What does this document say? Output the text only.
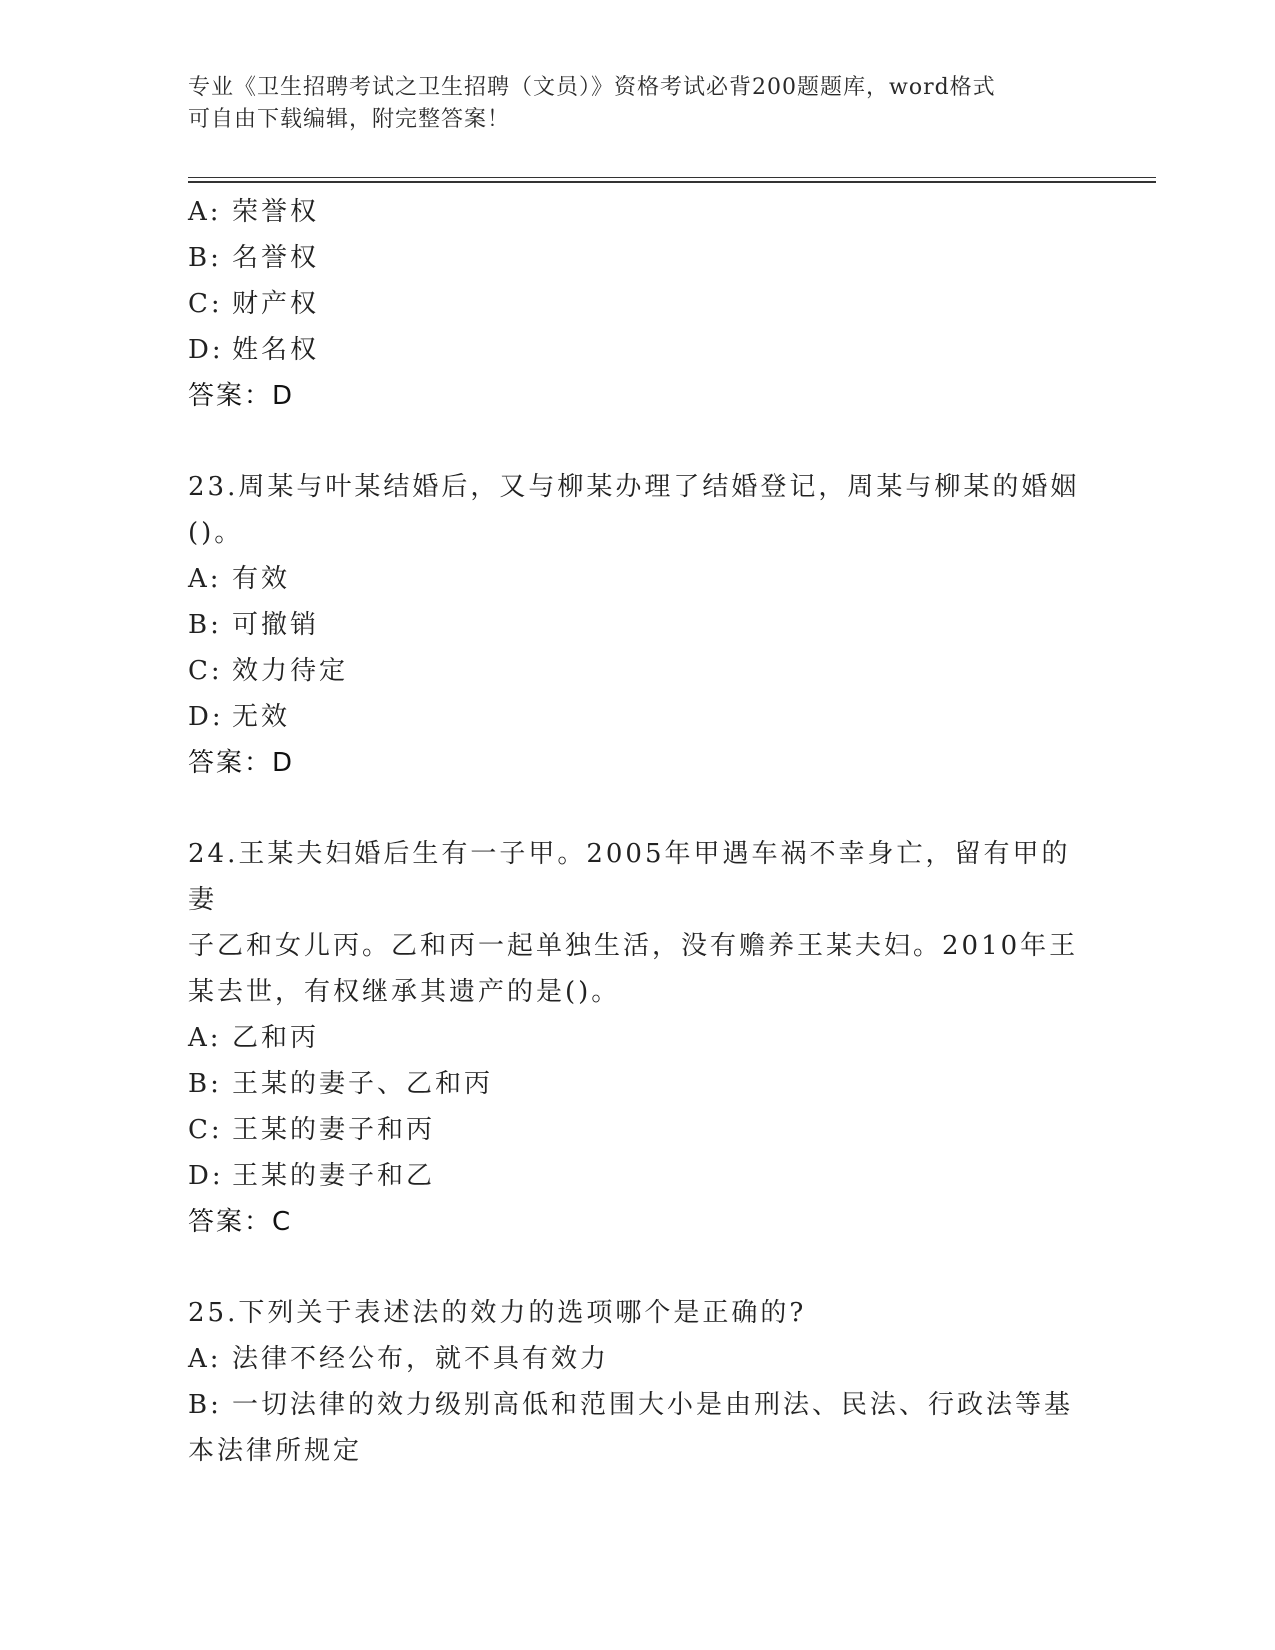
专业《卫生招聘考试之卫生招聘（文员）》资格考试必背200题题库，word格式
可自由下载编辑，附完整答案！
A: 荣誉权
B: 名誉权
C: 财产权
D: 姓名权
答案：D
23.周某与叶某结婚后，又与柳某办理了结婚登记，周某与柳某的婚姻
()。
A: 有效
B: 可撤销
C: 效力待定
D: 无效
答案：D
24.王某夫妇婚后生有一子甲。2005年甲遇车祸不幸身亡，留有甲的妻
子乙和女儿丙。乙和丙一起单独生活，没有赡养王某夫妇。2010年王
某去世，有权继承其遗产的是()。
A: 乙和丙
B: 王某的妻子、乙和丙
C: 王某的妻子和丙
D: 王某的妻子和乙
答案：C
25.下列关于表述法的效力的选项哪个是正确的?
A: 法律不经公布，就不具有效力
B: 一切法律的效力级别高低和范围大小是由刑法、民法、行政法等基
本法律所规定
